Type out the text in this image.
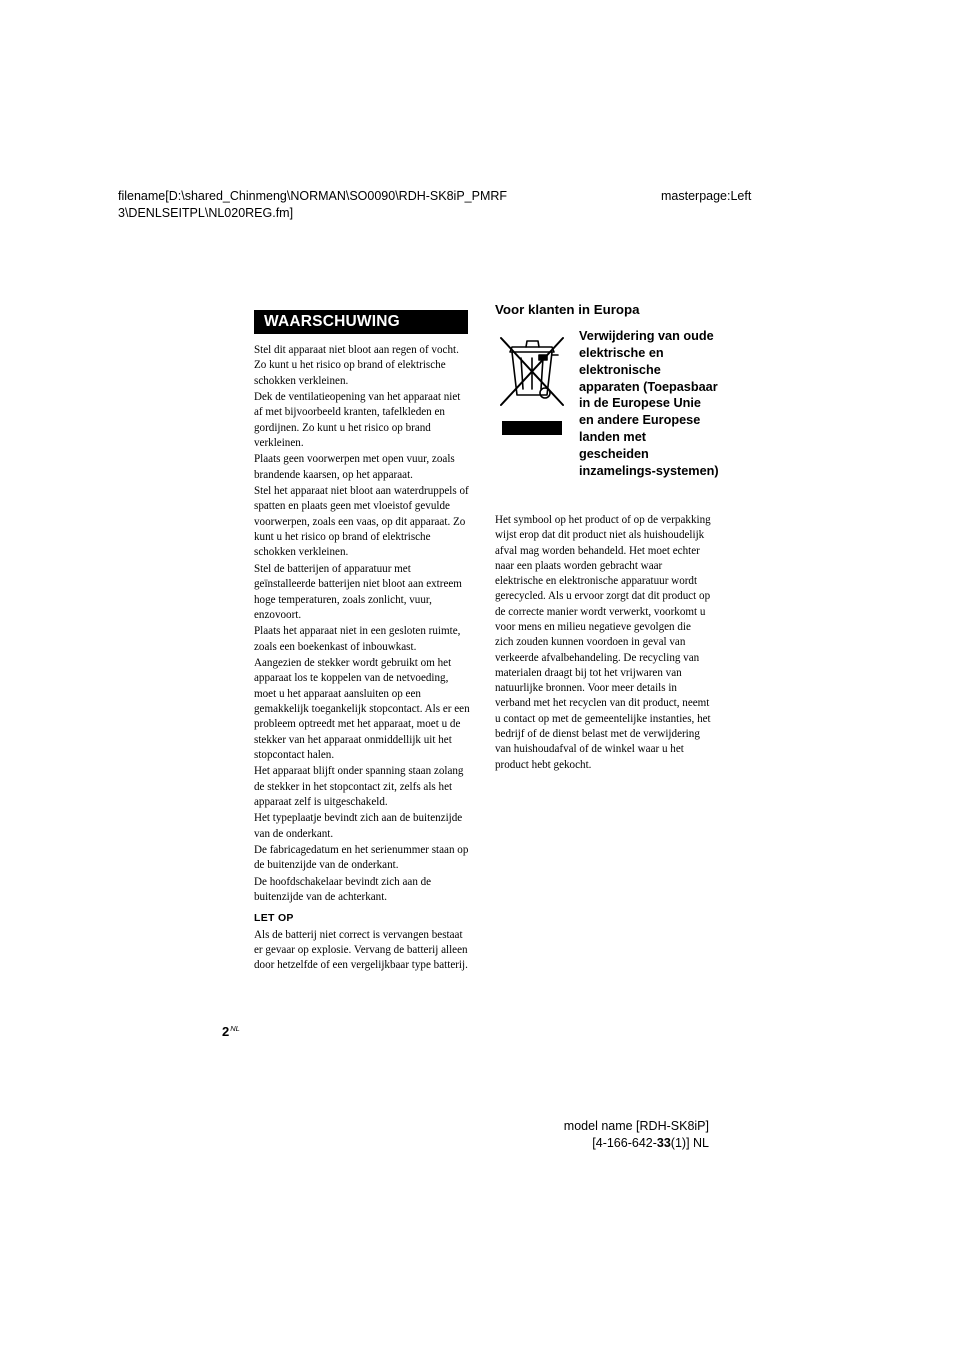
filename[D:\shared_Chinmeng\NORMAN\SO0090\RDH-SK8iP_PMRF 3\DENLSEITPL\NL020REG.fm]
masterpage:Left
WAARSCHUWING

Stel dit apparaat niet bloot aan regen of vocht. Zo kunt u het risico op brand of elektrische schokken verkleinen.

Dek de ventilatieopening van het apparaat niet af met bijvoorbeeld kranten, tafelkleden en gordijnen. Zo kunt u het risico op brand verkleinen.

Plaats geen voorwerpen met open vuur, zoals brandende kaarsen, op het apparaat.

Stel het apparaat niet bloot aan waterdruppels of spatten en plaats geen met vloeistof gevulde voorwerpen, zoals een vaas, op dit apparaat. Zo kunt u het risico op brand of elektrische schokken verkleinen.

Stel de batterijen of apparatuur met geïnstalleerde batterijen niet bloot aan extreem hoge temperaturen, zoals zonlicht, vuur, enzovoort.

Plaats het apparaat niet in een gesloten ruimte, zoals een boekenkast of inbouwkast.

Aangezien de stekker wordt gebruikt om het apparaat los te koppelen van de netvoeding, moet u het apparaat aansluiten op een gemakkelijk toegankelijk stopcontact. Als er een probleem optreedt met het apparaat, moet u de stekker van het apparaat onmiddellijk uit het stopcontact halen.

Het apparaat blijft onder spanning staan zolang de stekker in het stopcontact zit, zelfs als het apparaat zelf is uitgeschakeld.

Het typeplaatje bevindt zich aan de buitenzijde van de onderkant.

De fabricagedatum en het serienummer staan op de buitenzijde van de onderkant.

De hoofdschakelaar bevindt zich aan de buitenzijde van de achterkant.

LET OP

Als de batterij niet correct is vervangen bestaat er gevaar op explosie. Vervang de batterij alleen door hetzelfde of een vergelijkbaar type batterij.

$2^{NL}$
Voor klanten in Europa
Verwijdering van oude elektrische en elektronische apparaten (Toepasbaar in de Europese Unie en andere Europese landen met gescheiden inzamelings-systemen)

Het symbool op het product of op de verpakking wijst erop dat dit product niet als huishoudelijk afval mag worden behandeld. Het moet echter naar een plaats worden gebracht waar elektrische en elektronische apparatuur wordt gerecycled. Als u ervoor zorgt dat dit product op de correcte manier wordt verwerkt, voorkomt u voor mens en milieu negatieve gevolgen die zich zouden kunnen voordoen in geval van verkeerde afvalbehandeling. De recycling van materialen draagt bij tot het vrijwaren van natuurlijke bronnen. Voor meer details in verband met het recyclen van dit product, neemt u contact op met de gemeentelijke instanties, het bedrijf of de dienst belast met de verwijdering van huishoudafval of de winkel waar u het product hebt gekocht.

model name [RDH-SK8iP]
[4-166-642-33(1)] NL
